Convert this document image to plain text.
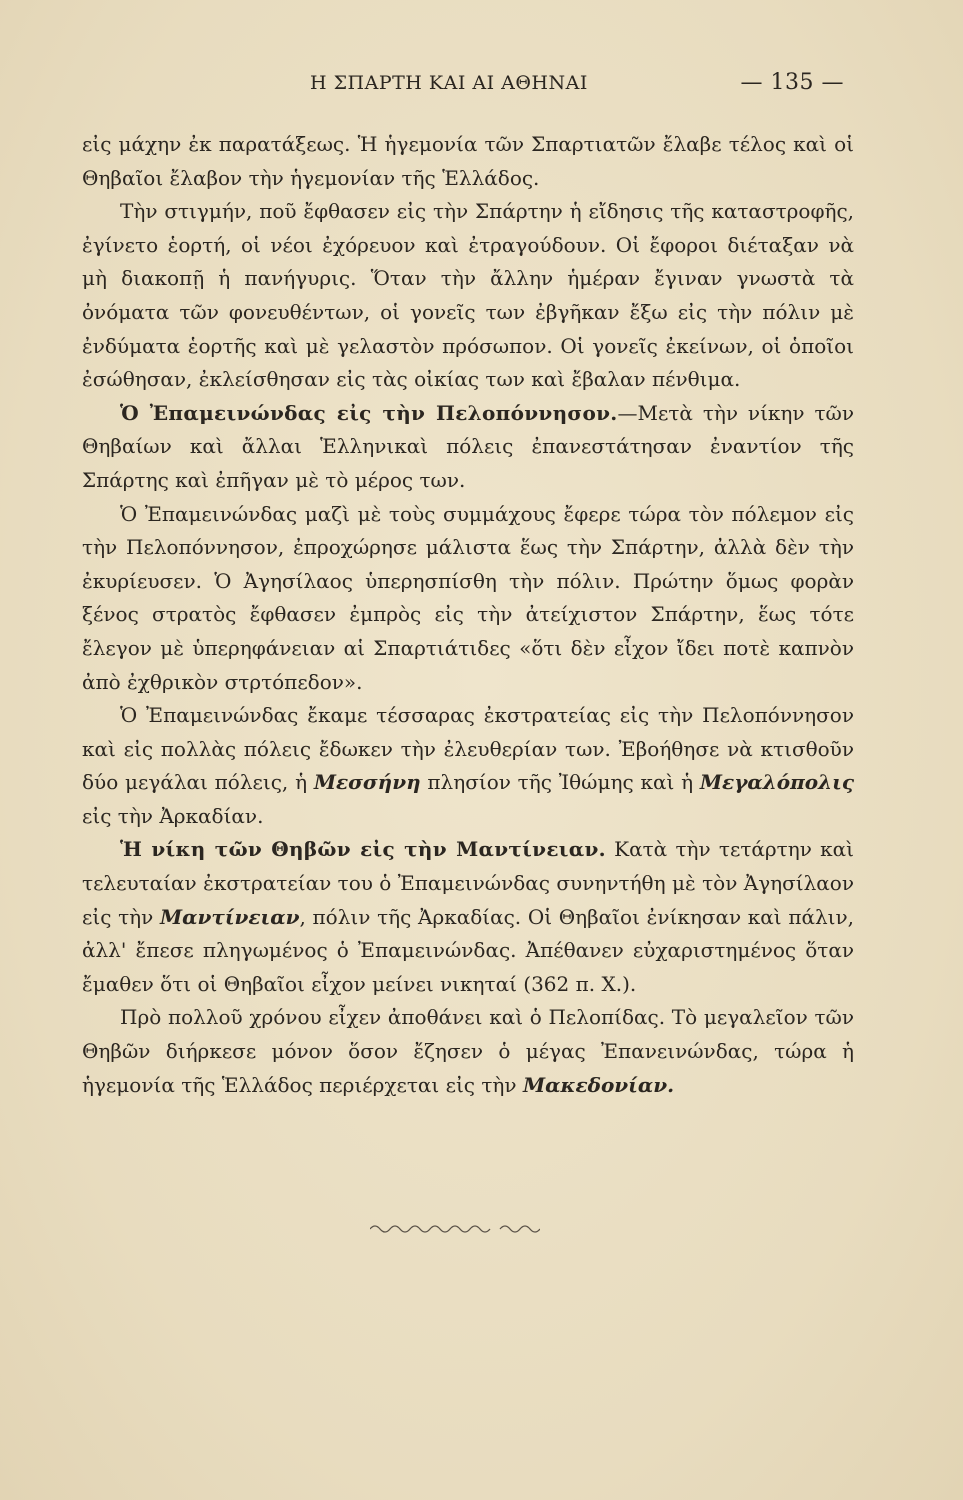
Η ΣΠΑΡΤΗ ΚΑΙ ΑΙ ΑΘΗΝΑΙ	— 135 —

εἰς μάχην ἐκ παρατάξεως. Ἡ ἡγεμονία τῶν Σπαρτιατῶν ἔλαβε τέλος καὶ οἱ Θηβαῖοι ἔλαβον τὴν ἡγεμονίαν τῆς Ἑλλάδος.

Τὴν στιγμήν, ποῦ ἔφθασεν εἰς τὴν Σπάρτην ἡ εἴδησις τῆς καταστροφῆς, ἐγίνετο ἑορτή, οἱ νέοι ἐχόρευον καὶ ἐτραγούδουν. Οἱ ἔφοροι διέταξαν νὰ μὴ διακοπῇ ἡ πανήγυρις. Ὅταν τὴν ἄλλην ἡμέραν ἔγιναν γνωστὰ τὰ ὀνόματα τῶν φονευθέντων, οἱ γονεῖς των ἐβγῆκαν ἔξω εἰς τὴν πόλιν μὲ ἐνδύματα ἑορτῆς καὶ μὲ γελαστὸν πρόσωπον. Οἱ γονεῖς ἐκείνων, οἱ ὁποῖοι ἐσώθησαν, ἐκλείσθησαν εἰς τὰς οἰκίας των καὶ ἔβαλαν πένθιμα.

Ὁ Ἐπαμεινώνδας εἰς τὴν Πελοπόννησον.—Μετὰ τὴν νίκην τῶν Θηβαίων καὶ ἄλλαι Ἑλληνικαὶ πόλεις ἐπανεστάτησαν ἐναντίον τῆς Σπάρτης καὶ ἐπῆγαν μὲ τὸ μέρος των.

Ὁ Ἐπαμεινώνδας μαζὶ μὲ τοὺς συμμάχους ἔφερε τώρα τὸν πόλεμον εἰς τὴν Πελοπόννησον, ἐπροχώρησε μάλιστα ἕως τὴν Σπάρτην, ἀλλὰ δὲν τὴν ἐκυρίευσεν. Ὁ Ἀγησίλαος ὑπερησπίσθη τὴν πόλιν. Πρώτην ὅμως φορὰν ξένος στρατὸς ἔφθασεν ἐμπρὸς εἰς τὴν ἀτείχιστον Σπάρτην, ἕως τότε ἔλεγον μὲ ὑπερηφάνειαν αἱ Σπαρτιάτιδες «ὅτι δὲν εἶχον ἴδει ποτὲ καπνὸν ἀπὸ ἐχθρικὸν στρτόπεδον».

Ὁ Ἐπαμεινώνδας ἔκαμε τέσσαρας ἐκστρατείας εἰς τὴν Πελοπόννησον καὶ εἰς πολλὰς πόλεις ἔδωκεν τὴν ἐλευθερίαν των. Ἐβοήθησε νὰ κτισθοῦν δύο μεγάλαι πόλεις, ἡ Μεσσήνη πλησίον τῆς Ἰθώμης καὶ ἡ Μεγαλόπολις εἰς τὴν Ἀρκαδίαν.

Ἡ νίκη τῶν Θηβῶν εἰς τὴν Μαντίνειαν. Κατὰ τὴν τετάρτην καὶ τελευταίαν ἐκστρατείαν του ὁ Ἐπαμεινώνδας συνηντήθη μὲ τὸν Ἀγησίλαον εἰς τὴν Μαντίνειαν, πόλιν τῆς Ἀρκαδίας. Οἱ Θηβαῖοι ἐνίκησαν καὶ πάλιν, ἀλλ' ἔπεσε πληγωμένος ὁ Ἐπαμεινώνδας. Ἀπέθανεν εὐχαριστημένος ὅταν ἔμαθεν ὅτι οἱ Θηβαῖοι εἶχον μείνει νικηταί (362 π. Χ.).

Πρὸ πολλοῦ χρόνου εἶχεν ἀποθάνει καὶ ὁ Πελοπίδας. Τὸ μεγαλεῖον τῶν Θηβῶν διήρκεσε μόνον ὅσον ἔζησεν ὁ μέγας Ἐπανεινώνδας, τώρα ἡ ἡγεμονία τῆς Ἑλλάδος περιέρχεται εἰς τὴν Μακεδονίαν.
